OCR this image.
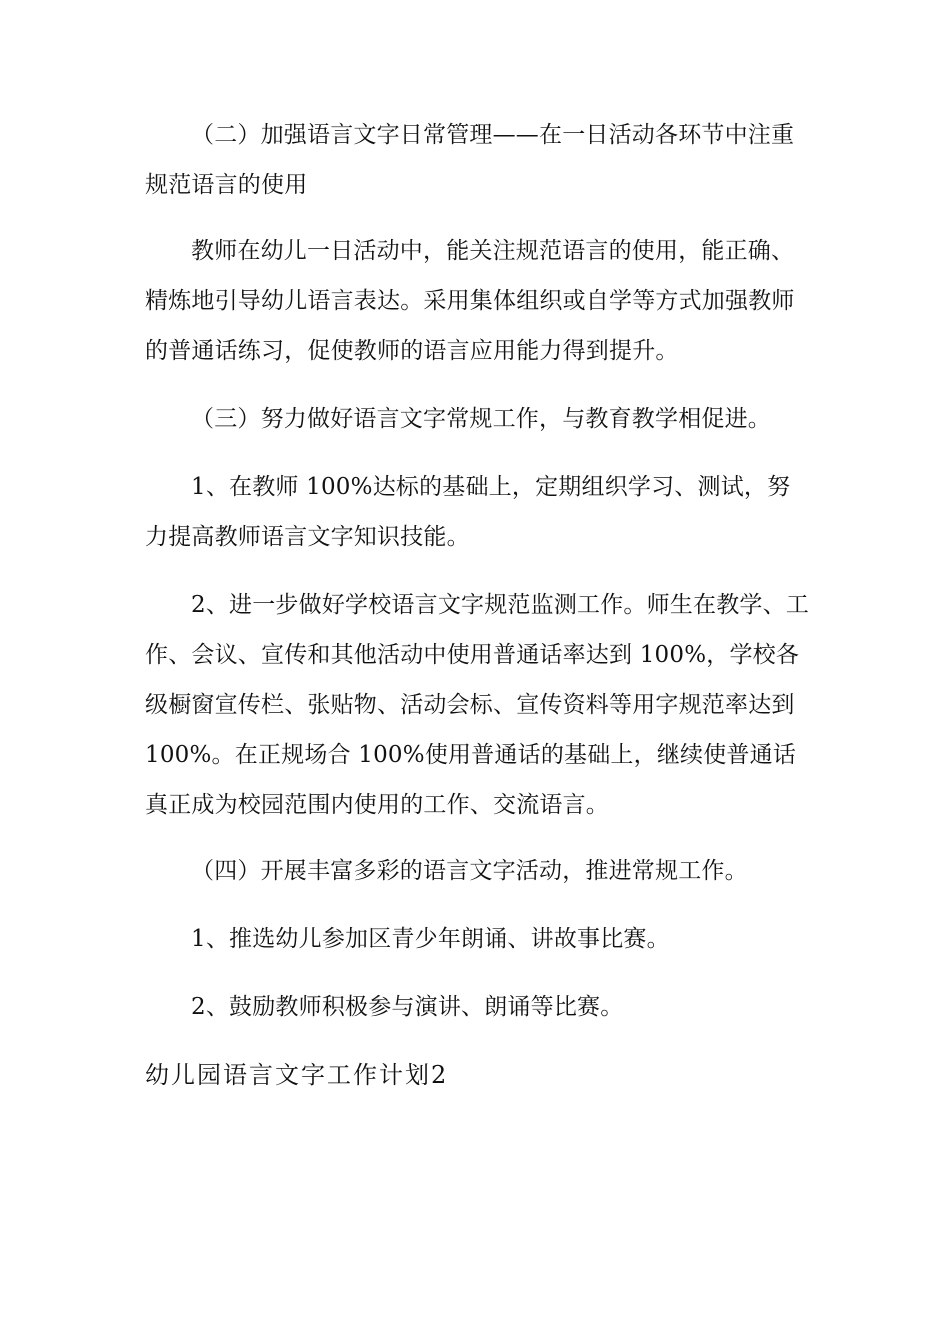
（二）加强语言文字日常管理——在一日活动各环节中注重规范语言的使用

教师在幼儿一日活动中，能关注规范语言的使用，能正确、精炼地引导幼儿语言表达。采用集体组织或自学等方式加强教师的普通话练习，促使教师的语言应用能力得到提升。

（三）努力做好语言文字常规工作，与教育教学相促进。

1、在教师 100%达标的基础上，定期组织学习、测试，努力提高教师语言文字知识技能。

2、进一步做好学校语言文字规范监测工作。师生在教学、工作、会议、宣传和其他活动中使用普通话率达到 100%，学校各级橱窗宣传栏、张贴物、活动会标、宣传资料等用字规范率达到 100%。在正规场合 100%使用普通话的基础上，继续使普通话真正成为校园范围内使用的工作、交流语言。

（四）开展丰富多彩的语言文字活动，推进常规工作。

1、推选幼儿参加区青少年朗诵、讲故事比赛。

2、鼓励教师积极参与演讲、朗诵等比赛。

幼儿园语言文字工作计划2
